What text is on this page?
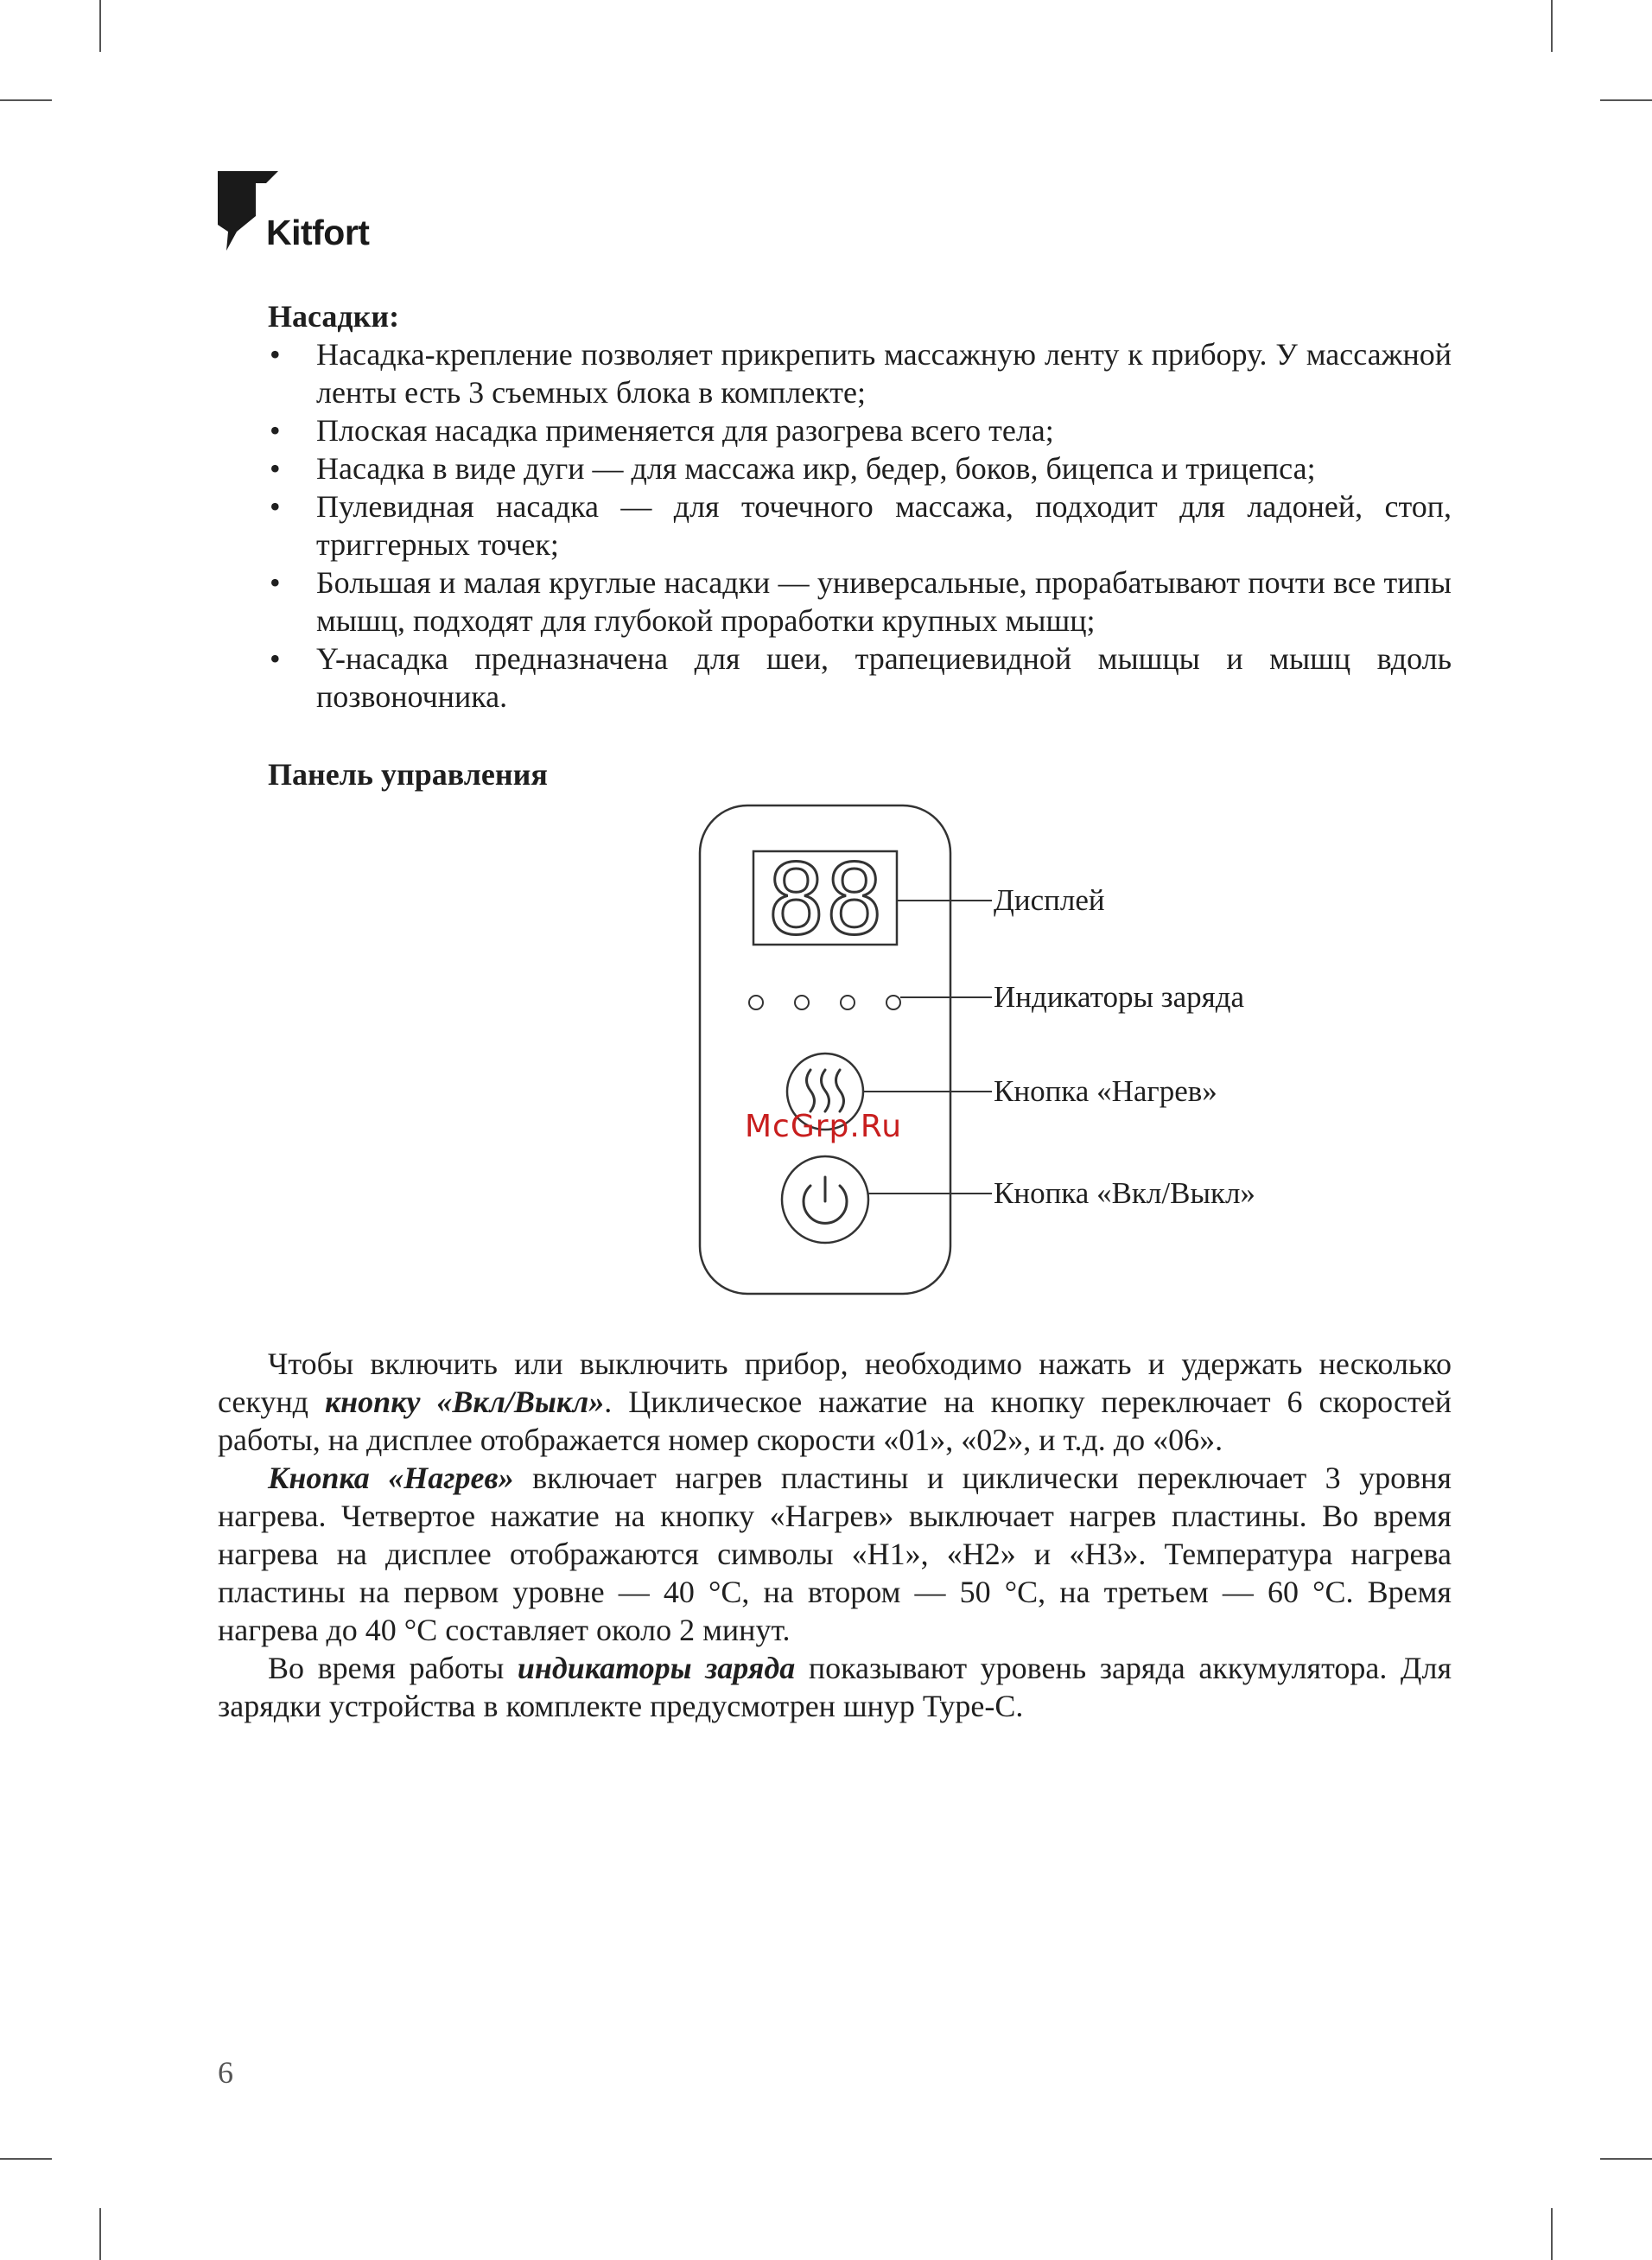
Kitfort
Насадки:
• Насадка-крепление позволяет прикрепить массажную ленту к прибору. У массажной ленты есть 3 съемных блока в комплекте;
• Плоская насадка применяется для разогрева всего тела;
• Насадка в виде дуги — для массажа икр, бедер, боков, бицепса и трицепса;
• Пулевидная насадка — для точечного массажа, подходит для ладоней, стоп, триггерных точек;
• Большая и малая круглые насадки — универсальные, прорабатывают почти все типы мышц, подходят для глубокой проработки крупных мышц;
• Y-насадка предназначена для шеи, трапециевидной мышцы и мышц вдоль позвоночника.
Панель управления
88	Дисплей
Индикаторы заряда
Кнопка «Нагрев»
Кнопка «Вкл/Выкл»
McGrp.Ru

Чтобы включить или выключить прибор, необходимо нажать и удержать несколько секунд кнопку «Вкл/Выкл». Циклическое нажатие на кнопку переключает 6 скоростей работы, на дисплее отображается номер скорости «01», «02», и т.д. до «06».

Кнопка «Нагрев» включает нагрев пластины и циклически переключает 3 уровня нагрева. Четвертое нажатие на кнопку «Нагрев» выключает нагрев пластины. Во время нагрева на дисплее отображаются символы «H1», «H2» и «H3». Температура нагрева пластины на первом уровне — 40 °C, на втором — 50 °C, на третьем — 60 °C. Время нагрева до 40 °C составляет около 2 минут.

Во время работы индикаторы заряда показывают уровень заряда аккумулятора. Для зарядки устройства в комплекте предусмотрен шнур Type-C.

6
